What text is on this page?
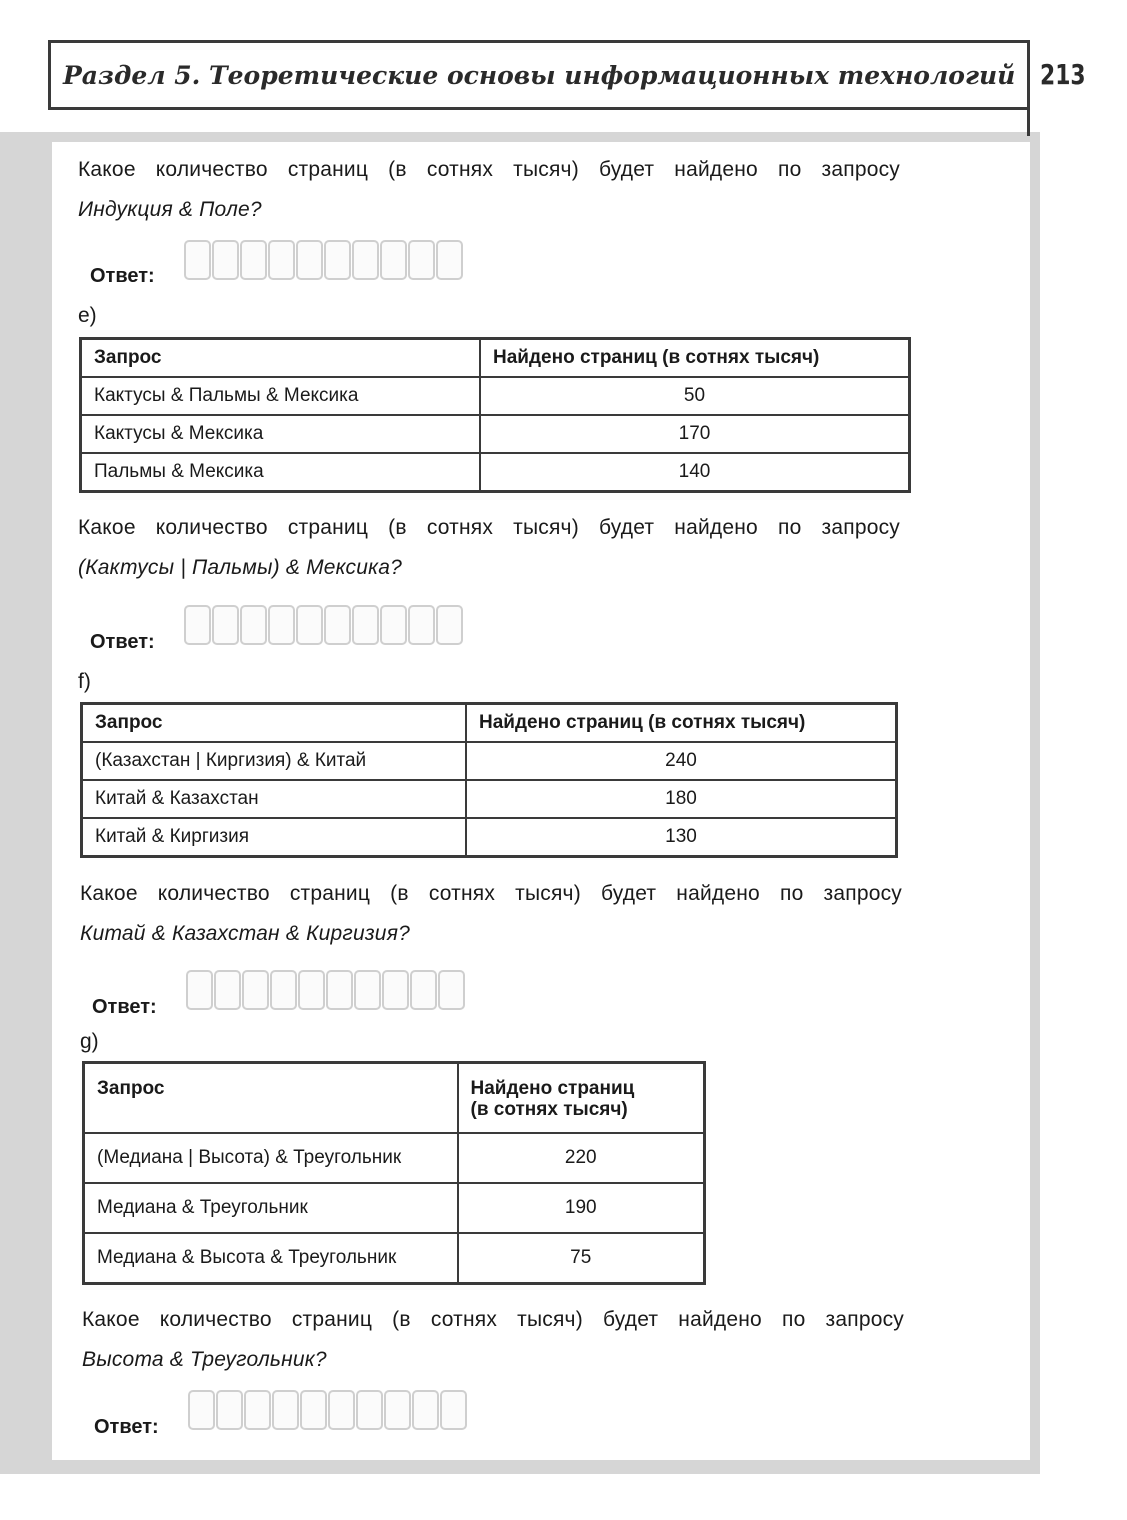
Раздел 5. Теоретические основы информационных технологий 213
Какое количество страниц (в сотнях тысяч) будет найдено по запросу
Индукция & Поле?
Ответ:
e)
Запрос	Найдено страниц (в сотнях тысяч)
Кактусы & Пальмы & Мексика	50
Кактусы & Мексика	170
Пальмы & Мексика	140
Какое количество страниц (в сотнях тысяч) будет найдено по запросу
(Кактусы | Пальмы) & Мексика?
Ответ:
f)
Запрос	Найдено страниц (в сотнях тысяч)
(Казахстан | Киргизия) & Китай	240
Китай & Казахстан	180
Китай & Киргизия	130
Какое количество страниц (в сотнях тысяч) будет найдено по запросу
Китай & Казахстан & Киргизия?
Ответ:
g)
Запрос	Найдено страниц
(в сотнях тысяч)

(Медиана | Высота) & Треугольник	220
Медиана & Треугольник	190
Медиана & Высота & Треугольник	75
Какое количество страниц (в сотнях тысяч) будет найдено по запросу
Высота & Треугольник?
Ответ:
